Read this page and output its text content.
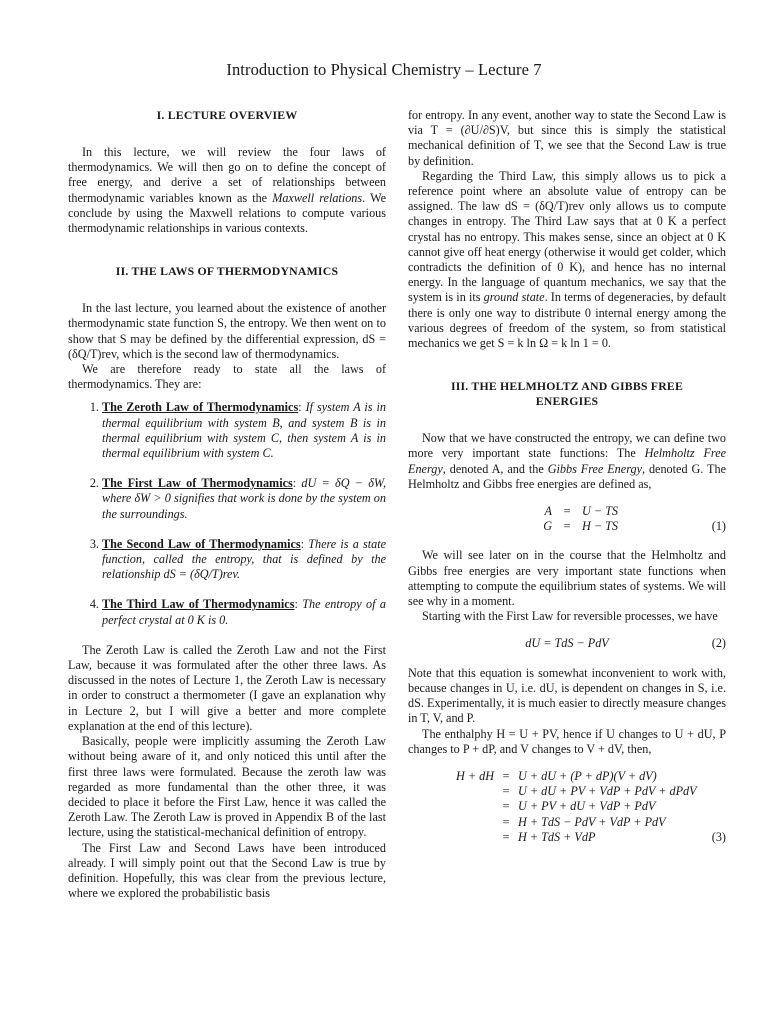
Introduction to Physical Chemistry – Lecture 7
I. LECTURE OVERVIEW

In this lecture, we will review the four laws of thermodynamics. We will then go on to define the concept of free energy, and derive a set of relationships between thermodynamic variables known as the Maxwell relations. We conclude by using the Maxwell relations to compute various thermodynamic relationships in various contexts.

II. THE LAWS OF THERMODYNAMICS

In the last lecture, you learned about the existence of another thermodynamic state function S, the entropy. We then went on to show that S may be defined by the differential expression, dS = (δQ/T)rev, which is the second law of thermodynamics.

We are therefore ready to state all the laws of thermodynamics. They are:

1. The Zeroth Law of Thermodynamics: If system A is in thermal equilibrium with system B, and system B is in thermal equilibrium with system C, then system A is in thermal equilibrium with system C.
2. The First Law of Thermodynamics: dU = δQ − δW, where δW > 0 signifies that work is done by the system on the surroundings.
3. The Second Law of Thermodynamics: There is a state function, called the entropy, that is defined by the relationship dS = (δQ/T)rev.
4. The Third Law of Thermodynamics: The entropy of a perfect crystal at 0 K is 0.

The Zeroth Law is called the Zeroth Law and not the First Law, because it was formulated after the other three laws. As discussed in the notes of Lecture 1, the Zeroth Law is necessary in order to construct a thermometer (I gave an explanation why in Lecture 2, but I will give a better and more complete explanation at the end of this lecture).

Basically, people were implicitly assuming the Zeroth Law without being aware of it, and only noticed this until after the first three laws were formulated. Because the zeroth law was regarded as more fundamental than the other three, it was decided to place it before the First Law, hence it was called the Zeroth Law. The Zeroth Law is proved in Appendix B of the last lecture, using the statistical-mechanical definition of entropy.

The First Law and Second Laws have been introduced already. I will simply point out that the Second Law is true by definition. Hopefully, this was clear from the previous lecture, where we explored the probabilistic basis

for entropy. In any event, another way to state the Second Law is via T = (∂U/∂S)V, but since this is simply the statistical mechanical definition of T, we see that the Second Law is true by definition.

Regarding the Third Law, this simply allows us to pick a reference point where an absolute value of entropy can be assigned. The law dS = (δQ/T)rev only allows us to compute changes in entropy. The Third Law says that at 0 K a perfect crystal has no entropy. This makes sense, since an object at 0 K cannot give off heat energy (otherwise it would get colder, which contradicts the definition of 0 K), and hence has no internal energy. In the language of quantum mechanics, we say that the system is in its ground state. In terms of degeneracies, by default there is only one way to distribute 0 internal energy among the various degrees of freedom of the system, so from statistical mechanics we get S = k ln Ω = k ln 1 = 0.

III. THE HELMHOLTZ AND GIBBS FREE
ENERGIES

Now that we have constructed the entropy, we can define two more very important state functions: The Helmholtz Free Energy, denoted A, and the Gibbs Free Energy, denoted G. The Helmholtz and Gibbs free energies are defined as,

A = U − TS
G = H − TS	(1)

We will see later on in the course that the Helmholtz and Gibbs free energies are very important state functions when attempting to compute the equilibrium states of systems. We will see why in a moment.

Starting with the First Law for reversible processes, we have

dU = TdS − PdV	(2)

Note that this equation is somewhat inconvenient to work with, because changes in U, i.e. dU, is dependent on changes in S, i.e. dS. Experimentally, it is much easier to directly measure changes in T, V, and P.

The enthalphy H = U + PV, hence if U changes to U + dU, P changes to P + dP, and V changes to V + dV, then,

H + dH = U + dU + (P + dP)(V + dV)
= U + dU + PV + VdP + PdV + dPdV
= U + PV + dU + VdP + PdV
= H + TdS − PdV + VdP + PdV
= H + TdS + VdP	(3)
